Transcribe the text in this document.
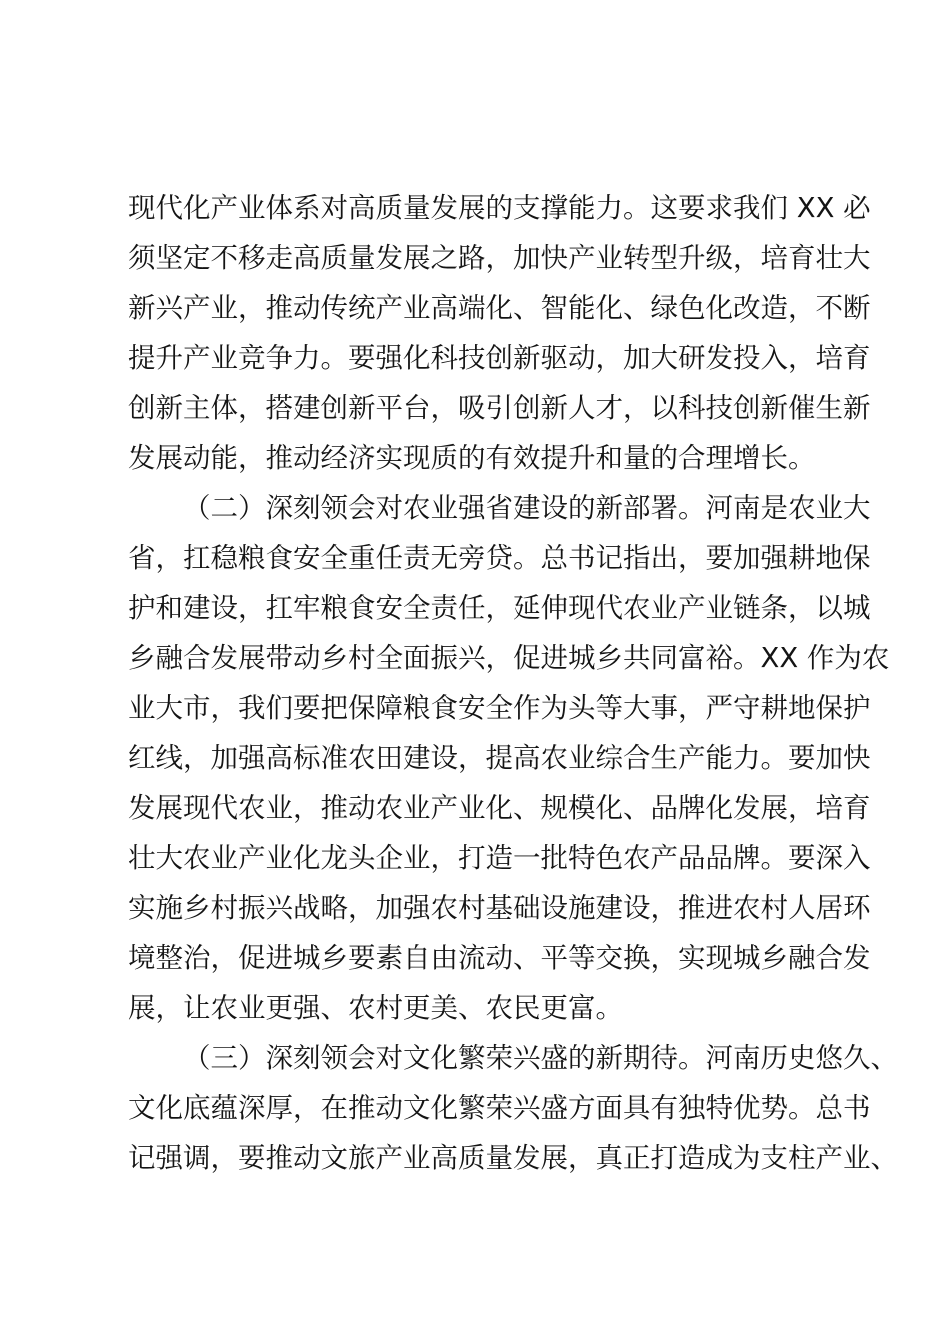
现代化产业体系对高质量发展的支撑能力。这要求我们 XX 必
须坚定不移走高质量发展之路，加快产业转型升级，培育壮大
新兴产业，推动传统产业高端化、智能化、绿色化改造，不断
提升产业竞争力。要强化科技创新驱动，加大研发投入，培育
创新主体，搭建创新平台，吸引创新人才，以科技创新催生新
发展动能，推动经济实现质的有效提升和量的合理增长。
（二）深刻领会对农业强省建设的新部署。河南是农业大
省，扛稳粮食安全重任责无旁贷。总书记指出，要加强耕地保
护和建设，扛牢粮食安全责任，延伸现代农业产业链条，以城
乡融合发展带动乡村全面振兴，促进城乡共同富裕。XX 作为农
业大市，我们要把保障粮食安全作为头等大事，严守耕地保护
红线，加强高标准农田建设，提高农业综合生产能力。要加快
发展现代农业，推动农业产业化、规模化、品牌化发展，培育
壮大农业产业化龙头企业，打造一批特色农产品品牌。要深入
实施乡村振兴战略，加强农村基础设施建设，推进农村人居环
境整治，促进城乡要素自由流动、平等交换，实现城乡融合发
展，让农业更强、农村更美、农民更富。
（三）深刻领会对文化繁荣兴盛的新期待。河南历史悠久、
文化底蕴深厚，在推动文化繁荣兴盛方面具有独特优势。总书
记强调，要推动文旅产业高质量发展，真正打造成为支柱产业、
